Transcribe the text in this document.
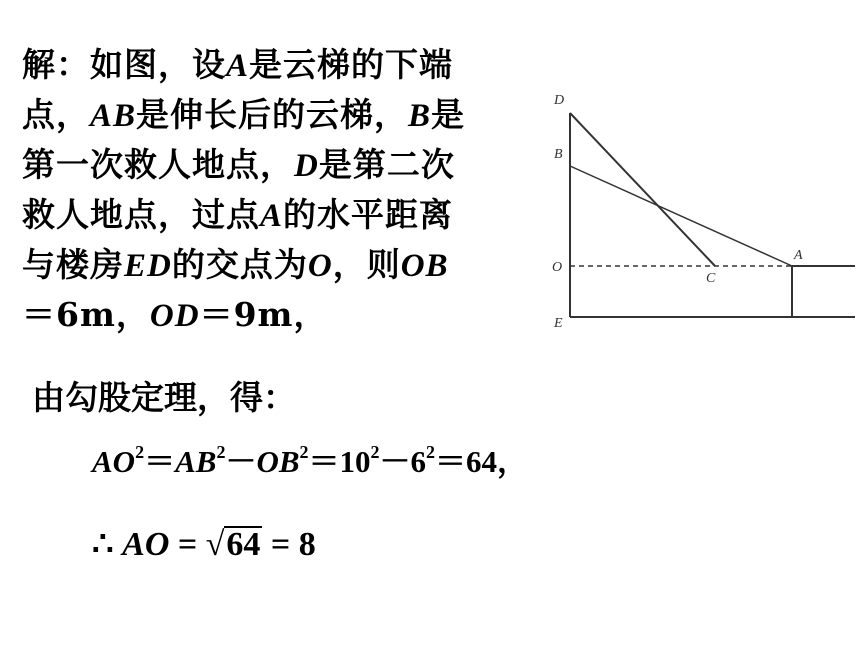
解：如图，设A是云梯的下端
点，AB是伸长后的云梯，B是
第一次救人地点，D是第二次
救人地点，过点A的水平距离
与楼房ED的交点为O，则OB
＝6m，OD＝9m，
由勾股定理，得：
$AO^2=AB^2-OB^2=10^2-6^2=64$，
∴ AO = √64 = 8
D
B
O
E
C
A
